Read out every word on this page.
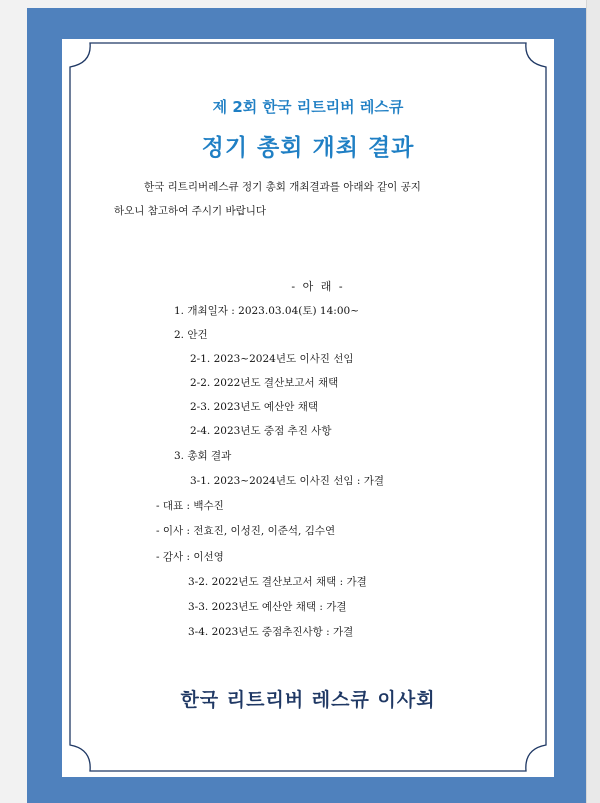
제 2회 한국 리트리버 레스큐
정기 총회 개최 결과
한국 리트리버레스큐 정기 총회 개최결과를 아래와 같이 공지
하오니 참고하여 주시기 바랍니다
- 아 래 -
1. 개최일자 : 2023.03.04(토) 14:00~
2. 안건
2-1. 2023~2024년도 이사진 선임
2-2. 2022년도 결산보고서 채택
2-3. 2023년도 예산안 채택
2-4. 2023년도 중점 추진 사항
3. 총회 결과
3-1. 2023~2024년도 이사진 선임 : 가결
- 대표 : 백수진
- 이사 : 전효진, 이성진, 이준석, 김수연
- 감사 : 이선영
3-2. 2022년도 결산보고서 채택 : 가결
3-3. 2023년도 예산안 채택 : 가결
3-4. 2023년도 중점추진사항 : 가결
한국 리트리버 레스큐 이사회
